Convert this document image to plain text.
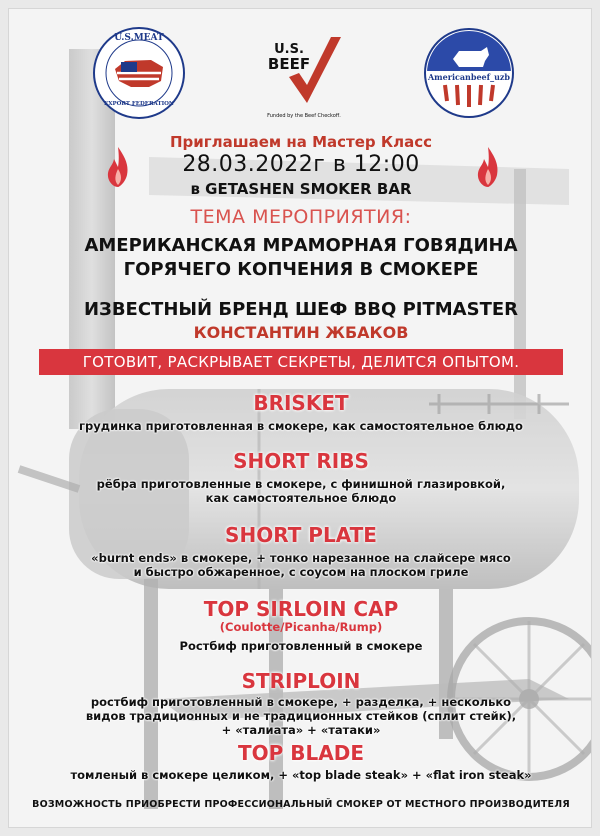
U.S.MEAT
EXPORT FEDERATION
U.S.
BEEF
Funded by the Beef Checkoff.
Americanbeef_uzb
Приглашаем на Мастер Класс
28.03.2022г в 12:00
в GETASHEN SMOKER BAR
ТЕМА МЕРОПРИЯТИЯ:
АМЕРИКАНСКАЯ МРАМОРНАЯ ГОВЯДИНА
ГОРЯЧЕГО КОПЧЕНИЯ В СМОКЕРЕ
ИЗВЕСТНЫЙ БРЕНД ШЕФ BBQ PITMASTER
КОНСТАНТИН ЖБАКОВ
ГОТОВИТ, РАСКРЫВАЕТ СЕКРЕТЫ, ДЕЛИТСЯ ОПЫТОМ.
BRISKET
грудинка приготовленная в смокере, как самостоятельное блюдо
SHORT RIBS
рёбра приготовленные в смокере, с финишной глазировкой,
как самостоятельное блюдо
SHORT PLATE
«burnt ends» в смокере, + тонко нарезанное на слайсере мясо
и быстро обжаренное, с соусом на плоском гриле
TOP SIRLOIN CAP
(Coulotte/Picanha/Rump)
Ростбиф приготовленный в смокере
STRIPLOIN
ростбиф приготовленный в смокере, + разделка, + несколько
видов традиционных и не традиционных стейков (сплит стейк),
+ «талиата» + «татаки»
TOP BLADE
томленый в смокере целиком, + «top blade steak» + «flat iron steak»
ВОЗМОЖНОСТЬ ПРИОБРЕСТИ ПРОФЕССИОНАЛЬНЫЙ СМОКЕР ОТ МЕСТНОГО ПРОИЗВОДИТЕЛЯ
